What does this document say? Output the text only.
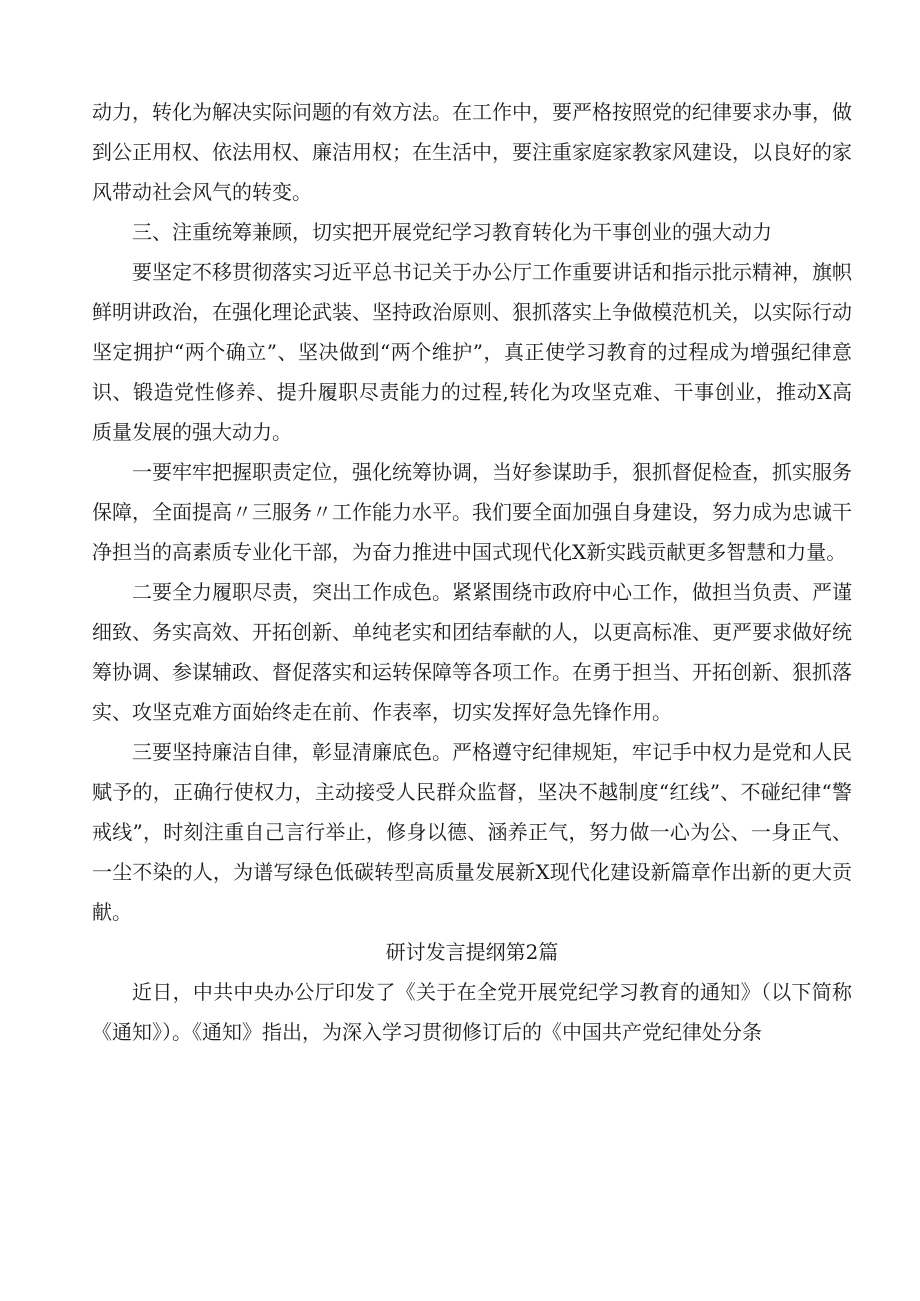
动力，转化为解决实际问题的有效方法。在工作中，要严格按照党的纪律要求办事，做到公正用权、依法用权、廉洁用权；在生活中，要注重家庭家教家风建设，以良好的家风带动社会风气的转变。

三、注重统筹兼顾，切实把开展党纪学习教育转化为干事创业的强大动力

要坚定不移贯彻落实习近平总书记关于办公厅工作重要讲话和指示批示精神，旗帜鲜明讲政治，在强化理论武装、坚持政治原则、狠抓落实上争做模范机关，以实际行动坚定拥护“两个确立”、坚决做到“两个维护”，真正使学习教育的过程成为增强纪律意识、锻造党性修养、提升履职尽责能力的过程,转化为攻坚克难、干事创业，推动X高质量发展的强大动力。

一要牢牢把握职责定位，强化统筹协调，当好参谋助手，狠抓督促检查，抓实服务保障，全面提高〃三服务〃工作能力水平。我们要全面加强自身建设，努力成为忠诚干净担当的高素质专业化干部，为奋力推进中国式现代化X新实践贡献更多智慧和力量。

二要全力履职尽责，突出工作成色。紧紧围绕市政府中心工作，做担当负责、严谨细致、务实高效、开拓创新、单纯老实和团结奉献的人，以更高标准、更严要求做好统筹协调、参谋辅政、督促落实和运转保障等各项工作。在勇于担当、开拓创新、狠抓落实、攻坚克难方面始终走在前、作表率，切实发挥好急先锋作用。

三要坚持廉洁自律，彰显清廉底色。严格遵守纪律规矩，牢记手中权力是党和人民赋予的，正确行使权力，主动接受人民群众监督，坚决不越制度“红线”、不碰纪律“警戒线”，时刻注重自己言行举止，修身以德、涵养正气，努力做一心为公、一身正气、一尘不染的人，为谱写绿色低碳转型高质量发展新X现代化建设新篇章作出新的更大贡献。

研讨发言提纲第2篇

近日，中共中央办公厅印发了《关于在全党开展党纪学习教育的通知》（以下简称《通知》）。《通知》指出，为深入学习贯彻修订后的《中国共产党纪律处分条
